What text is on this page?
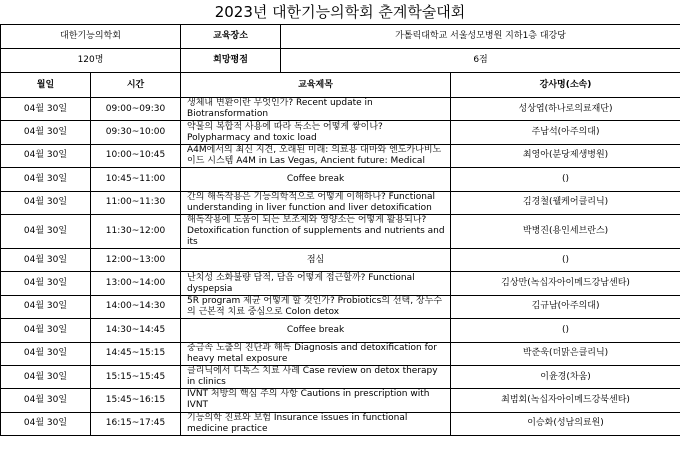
2023년 대한기능의학회 춘계학술대회
대한기능의학회		교육장소	가톨릭대학교 서울성모병원 지하1층 대강당	
120명		희망평점	6점	
월일	시간	교육제목		강사명(소속)
04월 30일	09:00~09:30	생체내 변환이란 무엇인가? Recent update in Biotransformation		성상엽(하나로의료재단)
04월 30일	09:30~10:00	약물의 복합적 사용에 따라 독소는 어떻게 쌓이나? Polypharmacy and toxic load		주남석(아주의대)
04월 30일	10:00~10:45	A4M에서의 최신 지견, 오래된 미래: 의료용 대마와 엔도카나비노이드 시스템 A4M in Las Vegas, Ancient future: Medical		최영아(분당제생병원)
04월 30일	10:45~11:00	Coffee break		()
04월 30일	11:00~11:30	간의 해독작용은 기능의학적으로 어떻게 이해하나? Functional understanding in liver function and liver detoxification		김경철(웰케어클리닉)
04월 30일	11:30~12:00	해독작용에 도움이 되는 보조제와 영양소는 어떻게 활용되나? Detoxification function of supplements and nutrients and its		박병진(용인세브란스)
04월 30일	12:00~13:00	점심		()
04월 30일	13:00~14:00	난치성 소화불량 담적, 담음 어떻게 접근할까? Functional dyspepsia		김상만(녹십자아이메드강남센타)
04월 30일	14:00~14:30	5R program 제균 어떻게 할 것인가? Probiotics의 선택, 장누수의 근본적 치료 중심으로 Colon detox		김규남(아주의대)
04월 30일	14:30~14:45	Coffee break		()
04월 30일	14:45~15:15	중금속 노출의 진단과 해독 Diagnosis and detoxification for heavy metal exposure		박준욱(더맑은클리닉)
04월 30일	15:15~15:45	클리닉에서 디톡스 치료 사례 Case review on detox therapy in clinics		이윤경(차움)
04월 30일	15:45~16:15	IVNT 처방의 핵심 주의 사항 Cautions in prescription with IVNT		최범회(녹십자아이메드강북센타)
04월 30일	16:15~17:45	기능의학 진료와 보험 Insurance issues in functional medicine practice		이승화(성남의료원)
